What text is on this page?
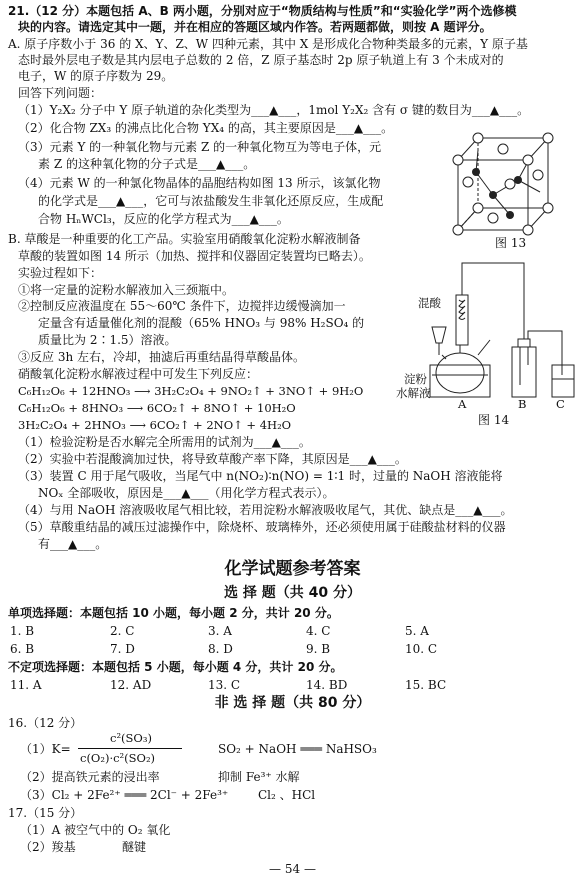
21.（12 分）本题包括 A、B 两小题，分别对应于“物质结构与性质”和“实验化学”两个选修模
块的内容。请选定其中一题，并在相应的答题区域内作答。若两题都做，则按 A 题评分。
A. 原子序数小于 36 的 X、Y、Z、W 四种元素，其中 X 是形成化合物种类最多的元素，Y 原子基
态时最外层电子数是其内层电子总数的 2 倍，Z 原子基态时 2p 原子轨道上有 3 个未成对的
电子，W 的原子序数为 29。
回答下列问题：
（1）Y₂X₂ 分子中 Y 原子轨道的杂化类型为___▲___，1mol Y₂X₂ 含有 σ 键的数目为___▲___。
（2）化合物 ZX₃ 的沸点比化合物 YX₄ 的高，其主要原因是___▲___。
（3）元素 Y 的一种氧化物与元素 Z 的一种氧化物互为等电子体，元
素 Z 的这种氧化物的分子式是___▲___。
（4）元素 W 的一种氯化物晶体的晶胞结构如图 13 所示，该氯化物
的化学式是___▲___，它可与浓盐酸发生非氧化还原反应，生成配
合物 HₙWCl₃，反应的化学方程式为___▲___。
图 13
B. 草酸是一种重要的化工产品。实验室用硝酸氧化淀粉水解液制备
草酸的装置如图 14 所示（加热、搅拌和仪器固定装置均已略去）。
实验过程如下：
①将一定量的淀粉水解液加入三颈瓶中。
②控制反应液温度在 55～60℃ 条件下，边搅拌边缓慢滴加一
定量含有适量催化剂的混酸（65% HNO₃ 与 98% H₂SO₄ 的
质量比为 2∶1.5）溶液。
③反应 3h 左右，冷却，抽滤后再重结晶得草酸晶体。
硝酸氧化淀粉水解液过程中可发生下列反应：
C₆H₁₂O₆ + 12HNO₃ ⟶ 3H₂C₂O₄ + 9NO₂↑ + 3NO↑ + 9H₂O
C₆H₁₂O₆ + 8HNO₃ ⟶ 6CO₂↑ + 8NO↑ + 10H₂O
3H₂C₂O₄ + 2HNO₃ ⟶ 6CO₂↑ + 2NO↑ + 4H₂O
（1）检验淀粉是否水解完全所需用的试剂为___▲___。
（2）实验中若混酸滴加过快，将导致草酸产率下降，其原因是___▲___。
（3）装置 C 用于尾气吸收，当尾气中 n(NO₂)∶n(NO) = 1∶1 时，过量的 NaOH 溶液能将
NOₓ 全部吸收，原因是___▲___（用化学方程式表示）。
（4）与用 NaOH 溶液吸收尾气相比较，若用淀粉水解液吸收尾气，其优、缺点是___▲___。
（5）草酸重结晶的减压过滤操作中，除烧杯、玻璃棒外，还必须使用属于硅酸盐材料的仪器
有___▲___。
混酸
淀粉
水解液
A	B	C
图 14
化学试题参考答案
选 择 题（共 40 分）
单项选择题：本题包括 10 小题，每小题 2 分，共计 20 分。
1. B	2. C	3. A	4. C	5. A
6. B	7. D	8. D	9. B	10. C
不定项选择题：本题包括 5 小题，每小题 4 分，共计 20 分。
11. A	12. AD	13. C	14. BD	15. BC
非 选 择 题（共 80 分）
16.（12 分）
（1）K=
c²(SO₃)
c(O₂)·c²(SO₂)
SO₂ + NaOH ═══ NaHSO₃
（2）提高铁元素的浸出率	抑制 Fe³⁺ 水解
（3）Cl₂ + 2Fe²⁺ ═══ 2Cl⁻ + 2Fe³⁺ Cl₂ 、HCl
17.（15 分）
（1）A 被空气中的 O₂ 氧化
（2）羧基	醚键
— 54 —
